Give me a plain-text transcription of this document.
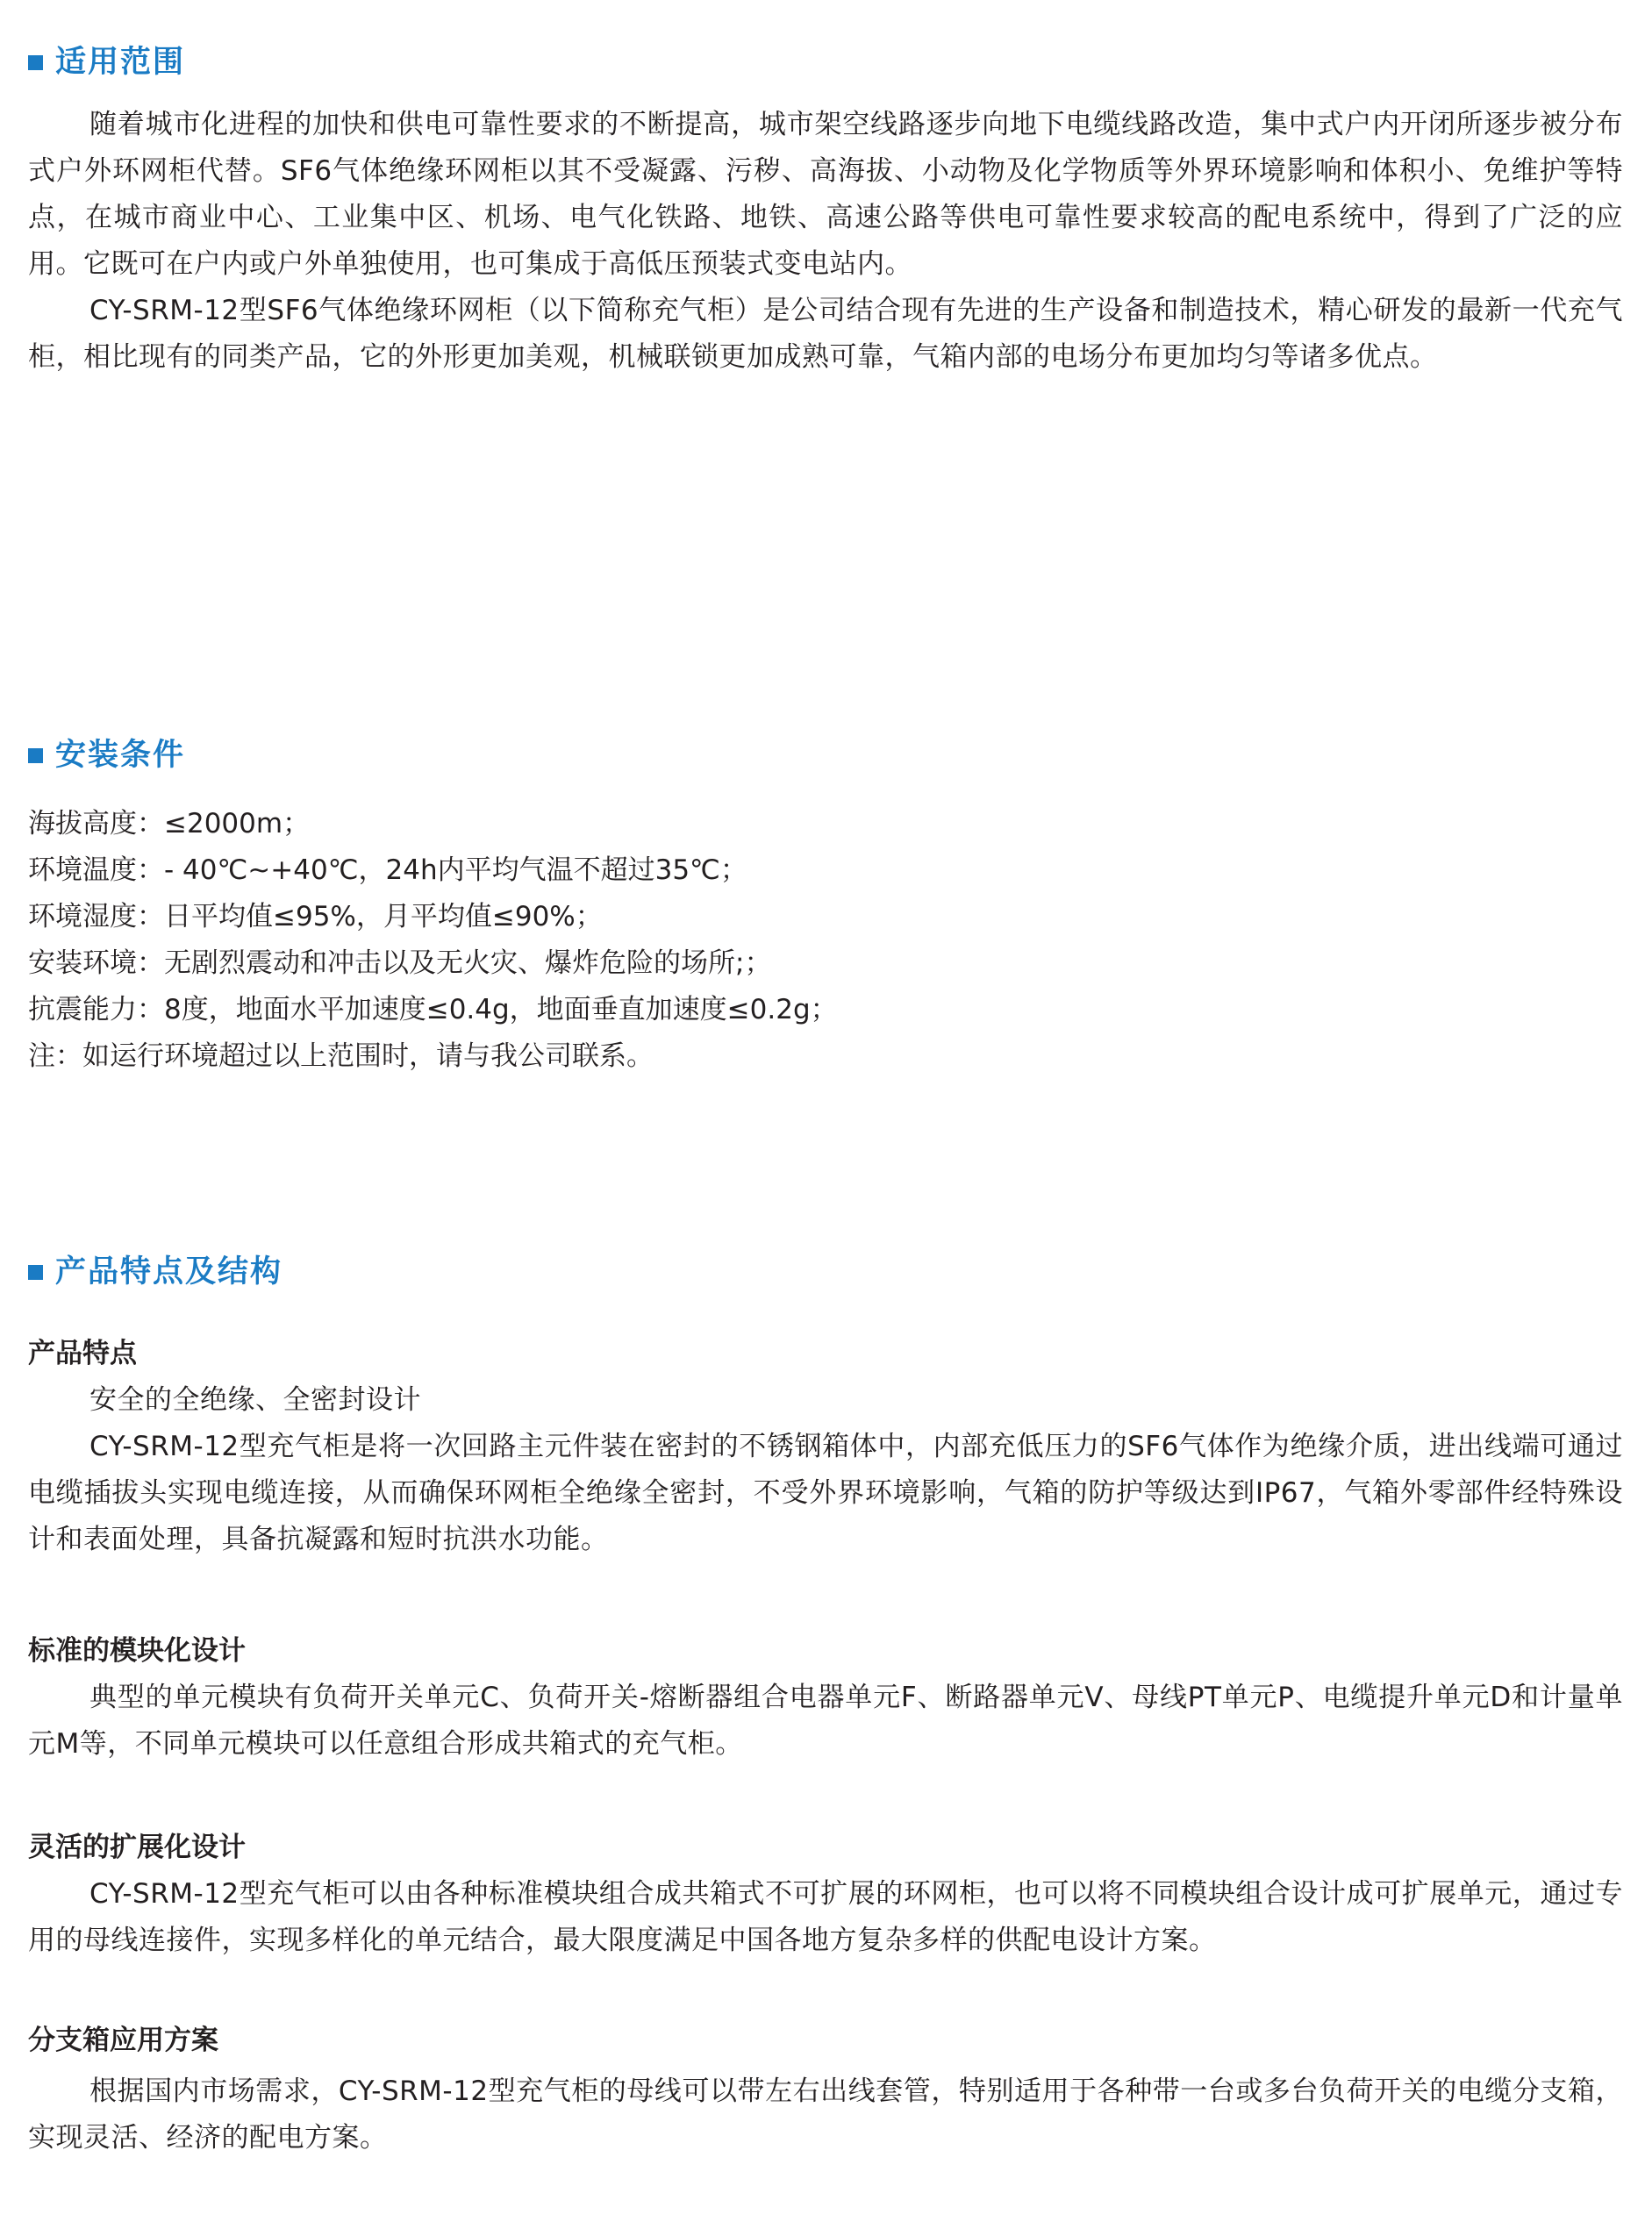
适用范围

随着城市化进程的加快和供电可靠性要求的不断提高，城市架空线路逐步向地下电缆线路改造，集中式户内开闭所逐步被分布式户外环网柜代替。SF6气体绝缘环网柜以其不受凝露、污秽、高海拔、小动物及化学物质等外界环境影响和体积小、免维护等特点，在城市商业中心、工业集中区、机场、电气化铁路、地铁、高速公路等供电可靠性要求较高的配电系统中，得到了广泛的应用。它既可在户内或户外单独使用，也可集成于高低压预装式变电站内。

CY-SRM-12型SF6气体绝缘环网柜（以下简称充气柜）是公司结合现有先进的生产设备和制造技术，精心研发的最新一代充气柜，相比现有的同类产品，它的外形更加美观，机械联锁更加成熟可靠，气箱内部的电场分布更加均匀等诸多优点。

安装条件
海拔高度：≤2000m；
环境温度：- 40℃~+40℃，24h内平均气温不超过35℃；
环境湿度：日平均值≤95%，月平均值≤90%；
安装环境：无剧烈震动和冲击以及无火灾、爆炸危险的场所;；
抗震能力：8度，地面水平加速度≤0.4g，地面垂直加速度≤0.2g；
注：如运行环境超过以上范围时，请与我公司联系。
产品特点及结构
产品特点

安全的全绝缘、全密封设计

CY-SRM-12型充气柜是将一次回路主元件装在密封的不锈钢箱体中，内部充低压力的SF6气体作为绝缘介质，进出线端可通过电缆插拔头实现电缆连接，从而确保环网柜全绝缘全密封，不受外界环境影响，气箱的防护等级达到IP67，气箱外零部件经特殊设计和表面处理，具备抗凝露和短时抗洪水功能。

标准的模块化设计

典型的单元模块有负荷开关单元C、负荷开关-熔断器组合电器单元F、断路器单元V、母线PT单元P、电缆提升单元D和计量单元M等，不同单元模块可以任意组合形成共箱式的充气柜。

灵活的扩展化设计

CY-SRM-12型充气柜可以由各种标准模块组合成共箱式不可扩展的环网柜，也可以将不同模块组合设计成可扩展单元，通过专用的母线连接件，实现多样化的单元结合，最大限度满足中国各地方复杂多样的供配电设计方案。

分支箱应用方案

根据国内市场需求，CY-SRM-12型充气柜的母线可以带左右出线套管，特别适用于各种带一台或多台负荷开关的电缆分支箱，实现灵活、经济的配电方案。
